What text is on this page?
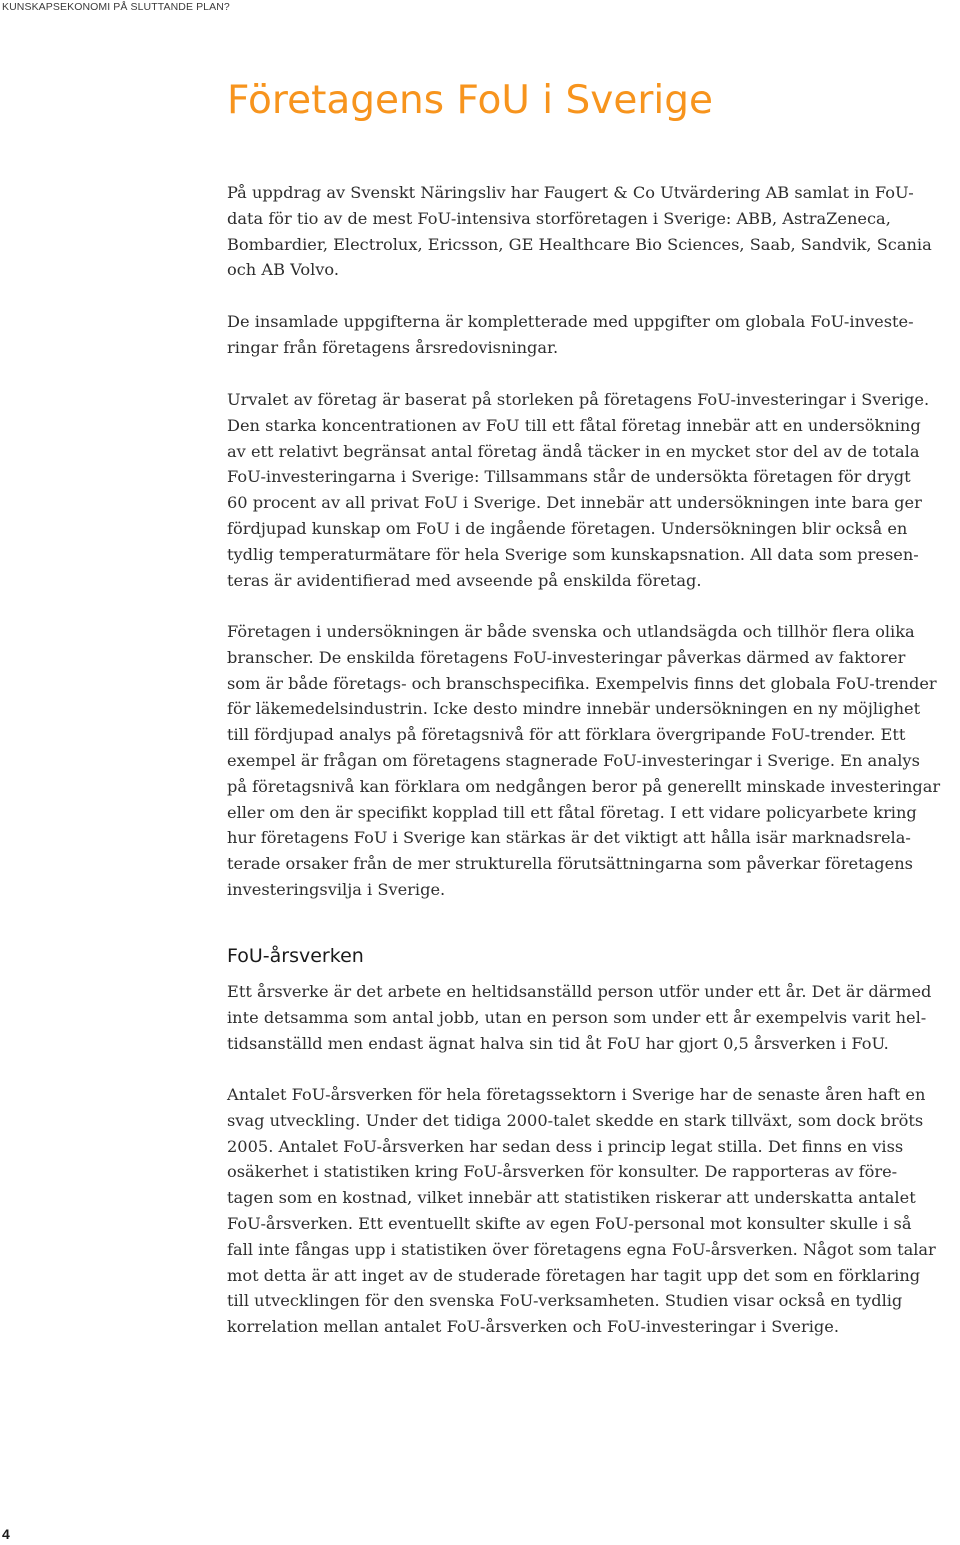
KUNSKAPSEKONOMI PÅ SLUTTANDE PLAN?
Företagens FoU i Sverige

På uppdrag av Svenskt Näringsliv har Faugert & Co Utvärdering AB samlat in FoU-
data för tio av de mest FoU-intensiva storföretagen i Sverige: ABB, AstraZeneca,
Bombardier, Electrolux, Ericsson, GE Healthcare Bio Sciences, Saab, Sandvik, Scania
och AB Volvo.

De insamlade uppgifterna är kompletterade med uppgifter om globala FoU-investe-
ringar från företagens årsredovisningar.

Urvalet av företag är baserat på storleken på företagens FoU-investeringar i Sverige.
Den starka koncentrationen av FoU till ett fåtal företag innebär att en undersökning
av ett relativt begränsat antal företag ändå täcker in en mycket stor del av de totala
FoU-investeringarna i Sverige: Tillsammans står de undersökta företagen för drygt
60 procent av all privat FoU i Sverige. Det innebär att undersökningen inte bara ger
fördjupad kunskap om FoU i de ingående företagen. Undersökningen blir också en
tydlig temperaturmätare för hela Sverige som kunskapsnation. All data som presen-
teras är avidentifierad med avseende på enskilda företag.

Företagen i undersökningen är både svenska och utlandsägda och tillhör flera olika
branscher. De enskilda företagens FoU-investeringar påverkas därmed av faktorer
som är både företags- och branschspecifika. Exempelvis finns det globala FoU-trender
för läkemedelsindustrin. Icke desto mindre innebär undersökningen en ny möjlighet
till fördjupad analys på företagsnivå för att förklara övergripande FoU-trender. Ett
exempel är frågan om företagens stagnerade FoU-investeringar i Sverige. En analys
på företagsnivå kan förklara om nedgången beror på generellt minskade investeringar
eller om den är specifikt kopplad till ett fåtal företag. I ett vidare policyarbete kring
hur företagens FoU i Sverige kan stärkas är det viktigt att hålla isär marknadsrela-
terade orsaker från de mer strukturella förutsättningarna som påverkar företagens
investeringsvilja i Sverige.

FoU-årsverken

Ett årsverke är det arbete en heltidsanställd person utför under ett år. Det är därmed
inte detsamma som antal jobb, utan en person som under ett år exempelvis varit hel-
tidsanställd men endast ägnat halva sin tid åt FoU har gjort 0,5 årsverken i FoU.

Antalet FoU-årsverken för hela företagssektorn i Sverige har de senaste åren haft en
svag utveckling. Under det tidiga 2000-talet skedde en stark tillväxt, som dock bröts
2005. Antalet FoU-årsverken har sedan dess i princip legat stilla. Det finns en viss
osäkerhet i statistiken kring FoU-årsverken för konsulter. De rapporteras av före-
tagen som en kostnad, vilket innebär att statistiken riskerar att underskatta antalet
FoU-årsverken. Ett eventuellt skifte av egen FoU-personal mot konsulter skulle i så
fall inte fångas upp i statistiken över företagens egna FoU-årsverken. Något som talar
mot detta är att inget av de studerade företagen har tagit upp det som en förklaring
till utvecklingen för den svenska FoU-verksamheten. Studien visar också en tydlig
korrelation mellan antalet FoU-årsverken och FoU-investeringar i Sverige.

4
